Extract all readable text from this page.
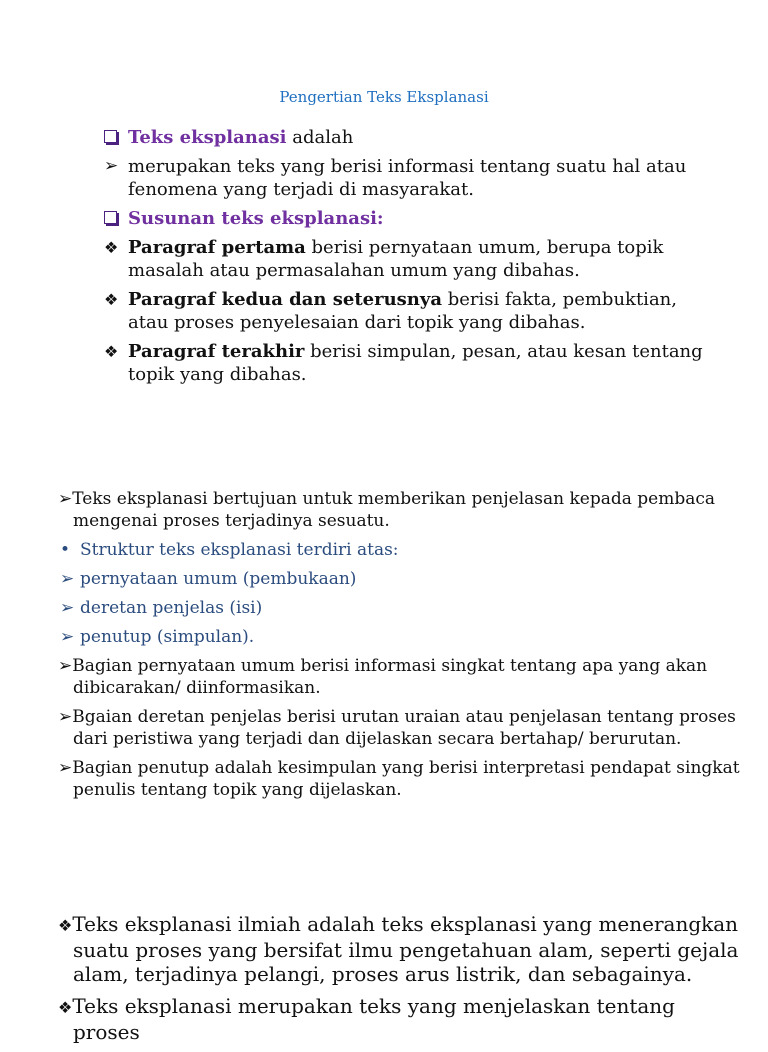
Pengertian Teks Eksplanasi
Teks eksplanasi adalah
➢ merupakan teks yang berisi informasi tentang suatu hal atau fenomena yang terjadi di masyarakat.
Susunan teks eksplanasi:
❖ Paragraf pertama berisi pernyataan umum, berupa topik masalah atau permasalahan umum yang dibahas.
❖ Paragraf kedua dan seterusnya berisi fakta, pembuktian, atau proses penyelesaian dari topik yang dibahas.
❖ Paragraf terakhir berisi simpulan, pesan, atau kesan tentang topik yang dibahas.
➢Teks eksplanasi bertujuan untuk memberikan penjelasan kepada pembaca mengenai proses terjadinya sesuatu.
• Struktur teks eksplanasi terdiri atas:
➢ pernyataan umum (pembukaan)
➢ deretan penjelas (isi)
➢ penutup (simpulan).
➢Bagian pernyataan umum berisi informasi singkat tentang apa yang akan dibicarakan/ diinformasikan.
➢Bgaian deretan penjelas berisi urutan uraian atau penjelasan tentang proses dari peristiwa yang terjadi dan dijelaskan secara bertahap/ berurutan.
➢Bagian penutup adalah kesimpulan yang berisi interpretasi pendapat singkat penulis tentang topik yang dijelaskan.
❖Teks eksplanasi ilmiah adalah teks eksplanasi yang menerangkan suatu proses yang bersifat ilmu pengetahuan alam, seperti gejala alam, terjadinya pelangi, proses arus listrik, dan sebagainya.
❖Teks eksplanasi merupakan teks yang menjelaskan tentang proses
